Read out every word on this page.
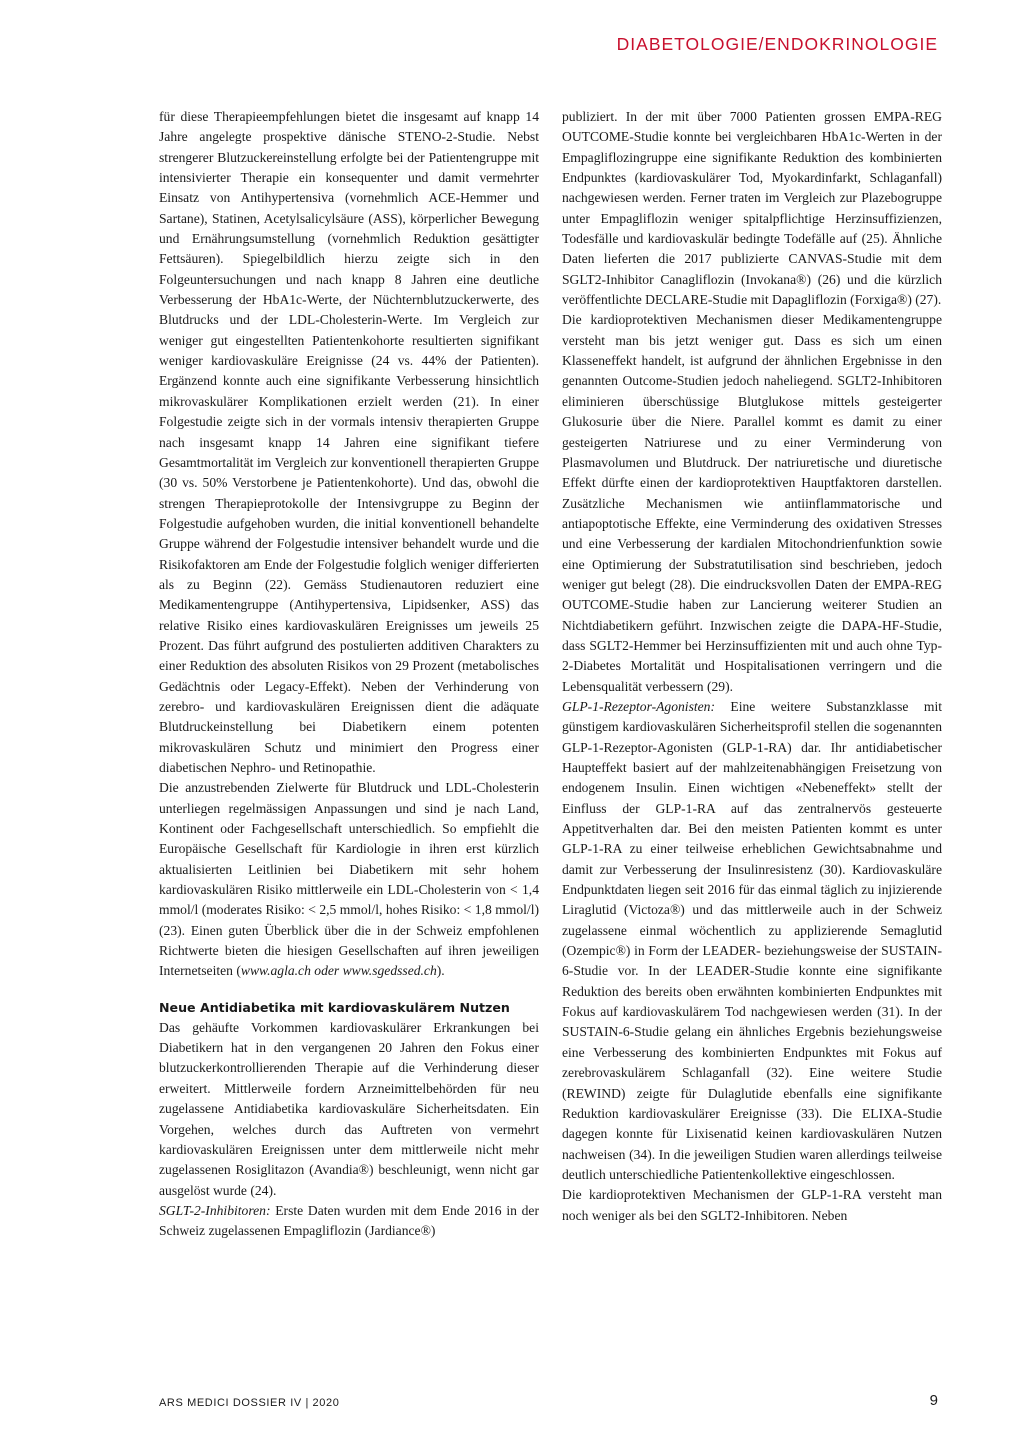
DIABETOLOGIE/ENDOKRINOLOGIE

für diese Therapieempfehlungen bietet die insgesamt auf knapp 14 Jahre angelegte prospektive dänische STENO-2-Studie. Nebst strengerer Blutzuckereinstellung erfolgte bei der Patientengruppe mit intensivierter Therapie ein konsequenter und damit vermehrter Einsatz von Antihypertensiva (vornehmlich ACE-Hemmer und Sartane), Statinen, Acetylsalicylsäure (ASS), körperlicher Bewegung und Ernährungsumstellung (vornehmlich Reduktion gesättigter Fettsäuren). Spiegelbildlich hierzu zeigte sich in den Folgeuntersuchungen und nach knapp 8 Jahren eine deutliche Verbesserung der HbA1c-Werte, der Nüchternblutzuckerwerte, des Blutdrucks und der LDL-Cholesterin-Werte. Im Vergleich zur weniger gut eingestellten Patientenkohorte resultierten signifikant weniger kardiovaskuläre Ereignisse (24 vs. 44% der Patienten). Ergänzend konnte auch eine signifikante Verbesserung hinsichtlich mikrovaskulärer Komplikationen erzielt werden (21). In einer Folgestudie zeigte sich in der vormals intensiv therapierten Gruppe nach insgesamt knapp 14 Jahren eine signifikant tiefere Gesamtmortalität im Vergleich zur konventionell therapierten Gruppe (30 vs. 50% Verstorbene je Patientenkohorte). Und das, obwohl die strengen Therapieprotokolle der Intensivgruppe zu Beginn der Folgestudie aufgehoben wurden, die initial konventionell behandelte Gruppe während der Folgestudie intensiver behandelt wurde und die Risikofaktoren am Ende der Folgestudie folglich weniger differierten als zu Beginn (22). Gemäss Studienautoren reduziert eine Medikamentengruppe (Antihypertensiva, Lipidsenker, ASS) das relative Risiko eines kardiovaskulären Ereignisses um jeweils 25 Prozent. Das führt aufgrund des postulierten additiven Charakters zu einer Reduktion des absoluten Risikos von 29 Prozent (metabolisches Gedächtnis oder Legacy-Effekt). Neben der Verhinderung von zerebro- und kardiovaskulären Ereignissen dient die adäquate Blutdruckeinstellung bei Diabetikern einem potenten mikrovaskulären Schutz und minimiert den Progress einer diabetischen Nephro- und Retinopathie.

Die anzustrebenden Zielwerte für Blutdruck und LDL-Cholesterin unterliegen regelmässigen Anpassungen und sind je nach Land, Kontinent oder Fachgesellschaft unterschiedlich. So empfiehlt die Europäische Gesellschaft für Kardiologie in ihren erst kürzlich aktualisierten Leitlinien bei Diabetikern mit sehr hohem kardiovaskulären Risiko mittlerweile ein LDL-Cholesterin von < 1,4 mmol/l (moderates Risiko: < 2,5 mmol/l, hohes Risiko: < 1,8 mmol/l) (23). Einen guten Überblick über die in der Schweiz empfohlenen Richtwerte bieten die hiesigen Gesellschaften auf ihren jeweiligen Internetseiten (www.agla.ch oder www.sgedssed.ch).

Neue Antidiabetika mit kardiovaskulärem Nutzen

Das gehäufte Vorkommen kardiovaskulärer Erkrankungen bei Diabetikern hat in den vergangenen 20 Jahren den Fokus einer blutzuckerkontrollierenden Therapie auf die Verhinderung dieser erweitert. Mittlerweile fordern Arzneimittelbehörden für neu zugelassene Antidiabetika kardiovaskuläre Sicherheitsdaten. Ein Vorgehen, welches durch das Auftreten von vermehrt kardiovaskulären Ereignissen unter dem mittlerweile nicht mehr zugelassenen Rosiglitazon (Avandia®) beschleunigt, wenn nicht gar ausgelöst wurde (24).

SGLT-2-Inhibitoren: Erste Daten wurden mit dem Ende 2016 in der Schweiz zugelassenen Empagliflozin (Jardiance®)

publiziert. In der mit über 7000 Patienten grossen EMPA-REG OUTCOME-Studie konnte bei vergleichbaren HbA1c-Werten in der Empagliflozingruppe eine signifikante Reduktion des kombinierten Endpunktes (kardiovaskulärer Tod, Myokardinfarkt, Schlaganfall) nachgewiesen werden. Ferner traten im Vergleich zur Plazebogruppe unter Empagliflozin weniger spitalpflichtige Herzinsuffizienzen, Todesfälle und kardiovaskulär bedingte Todefälle auf (25). Ähnliche Daten lieferten die 2017 publizierte CANVAS-Studie mit dem SGLT2-Inhibitor Canagliflozin (Invokana®) (26) und die kürzlich veröffentlichte DECLARE-Studie mit Dapagliflozin (Forxiga®) (27).

Die kardioprotektiven Mechanismen dieser Medikamentengruppe versteht man bis jetzt weniger gut. Dass es sich um einen Klasseneffekt handelt, ist aufgrund der ähnlichen Ergebnisse in den genannten Outcome-Studien jedoch naheliegend. SGLT2-Inhibitoren eliminieren überschüssige Blutglukose mittels gesteigerter Glukosurie über die Niere. Parallel kommt es damit zu einer gesteigerten Natriurese und zu einer Verminderung von Plasmavolumen und Blutdruck. Der natriuretische und diuretische Effekt dürfte einen der kardioprotektiven Hauptfaktoren darstellen. Zusätzliche Mechanismen wie antiinflammatorische und antiapoptotische Effekte, eine Verminderung des oxidativen Stresses und eine Verbesserung der kardialen Mitochondrienfunktion sowie eine Optimierung der Substratutilisation sind beschrieben, jedoch weniger gut belegt (28). Die eindrucksvollen Daten der EMPA-REG OUTCOME-Studie haben zur Lancierung weiterer Studien an Nichtdiabetikern geführt. Inzwischen zeigte die DAPA-HF-Studie, dass SGLT2-Hemmer bei Herzinsuffizienten mit und auch ohne Typ-2-Diabetes Mortalität und Hospitalisationen verringern und die Lebensqualität verbessern (29).

GLP-1-Rezeptor-Agonisten: Eine weitere Substanzklasse mit günstigem kardiovaskulären Sicherheitsprofil stellen die sogenannten GLP-1-Rezeptor-Agonisten (GLP-1-RA) dar. Ihr antidiabetischer Haupteffekt basiert auf der mahlzeitenabhängigen Freisetzung von endogenem Insulin. Einen wichtigen «Nebeneffekt» stellt der Einfluss der GLP-1-RA auf das zentralnervös gesteuerte Appetitverhalten dar. Bei den meisten Patienten kommt es unter GLP-1-RA zu einer teilweise erheblichen Gewichtsabnahme und damit zur Verbesserung der Insulinresistenz (30). Kardiovaskuläre Endpunktdaten liegen seit 2016 für das einmal täglich zu injizierende Liraglutid (Victoza®) und das mittlerweile auch in der Schweiz zugelassene einmal wöchentlich zu applizierende Semaglutid (Ozempic®) in Form der LEADER- beziehungsweise der SUSTAIN-6-Studie vor. In der LEADER-Studie konnte eine signifikante Reduktion des bereits oben erwähnten kombinierten Endpunktes mit Fokus auf kardiovaskulärem Tod nachgewiesen werden (31). In der SUSTAIN-6-Studie gelang ein ähnliches Ergebnis beziehungsweise eine Verbesserung des kombinierten Endpunktes mit Fokus auf zerebrovaskulärem Schlaganfall (32). Eine weitere Studie (REWIND) zeigte für Dulaglutide ebenfalls eine signifikante Reduktion kardiovaskulärer Ereignisse (33). Die ELIXA-Studie dagegen konnte für Lixisenatid keinen kardiovaskulären Nutzen nachweisen (34). In die jeweiligen Studien waren allerdings teilweise deutlich unterschiedliche Patientenkollektive eingeschlossen.

Die kardioprotektiven Mechanismen der GLP-1-RA versteht man noch weniger als bei den SGLT2-Inhibitoren. Neben

ARS MEDICI DOSSIER IV | 2020	9
